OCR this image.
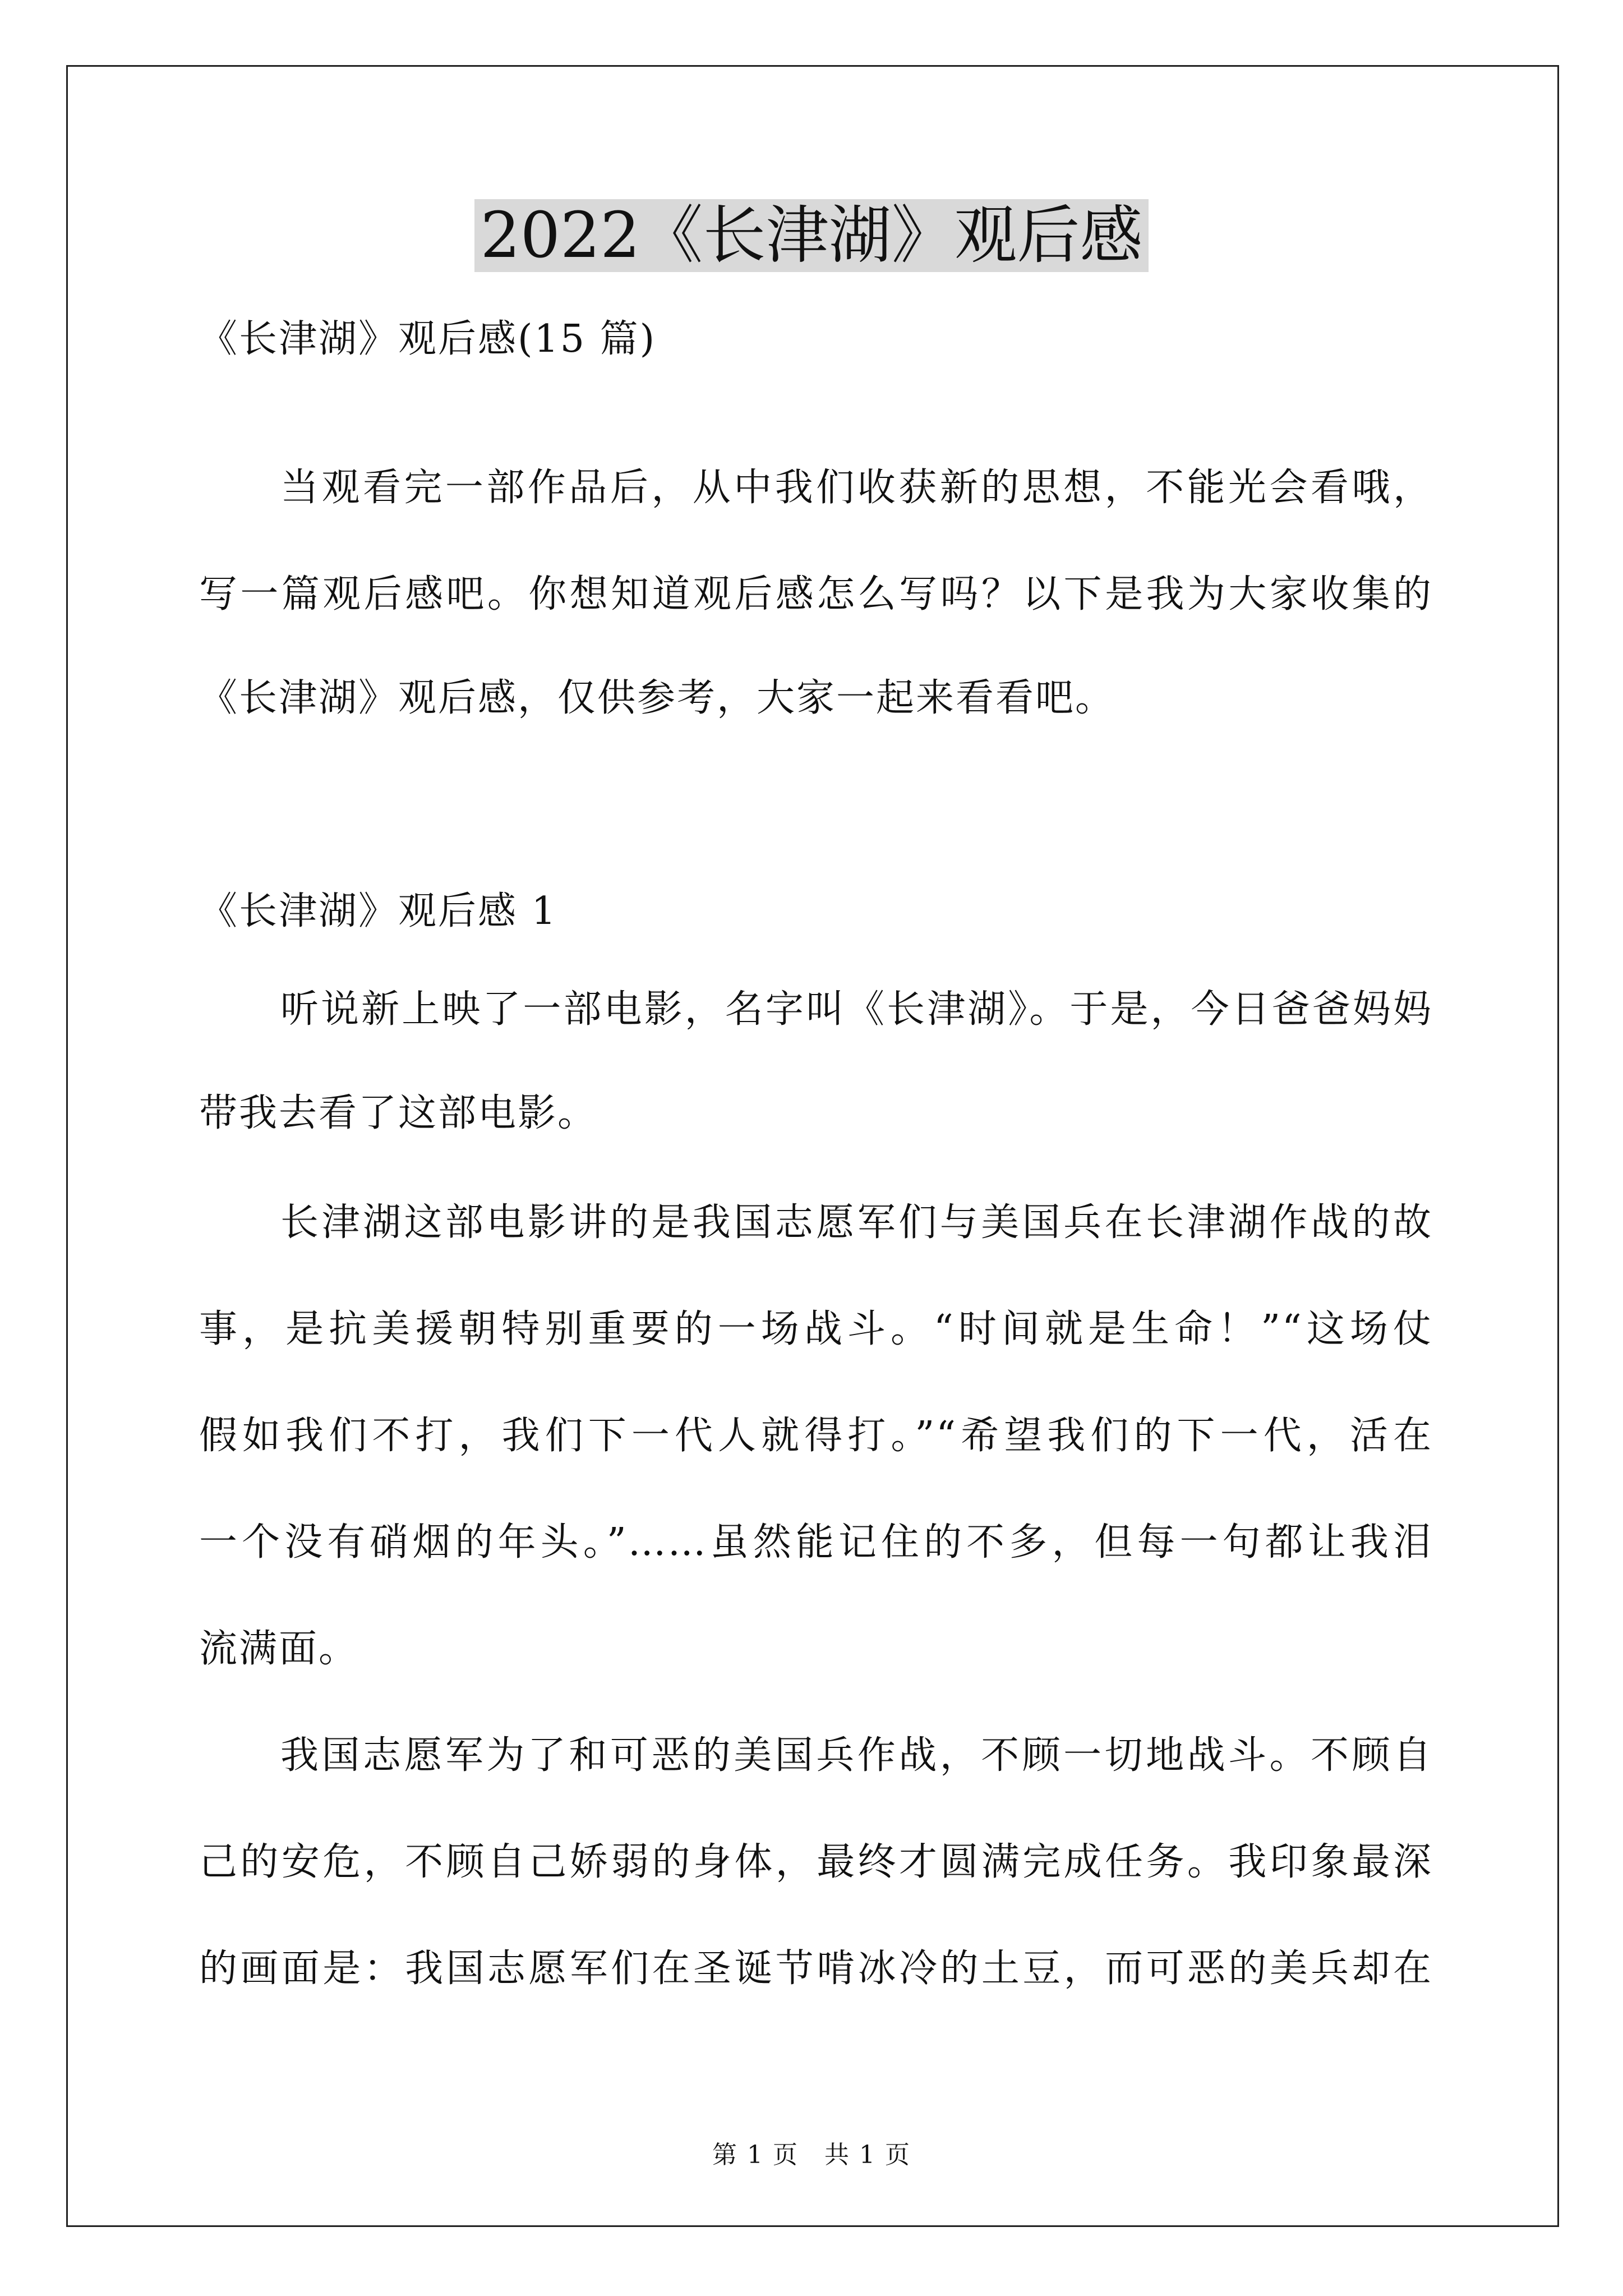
2022《长津湖》观后感
《长津湖》观后感(15 篇)
当观看完一部作品后，从中我们收获新的思想，不能光会看哦，
写一篇观后感吧。你想知道观后感怎么写吗？以下是我为大家收集的
《长津湖》观后感，仅供参考，大家一起来看看吧。
《长津湖》观后感 1
听说新上映了一部电影，名字叫《长津湖》。于是，今日爸爸妈妈
带我去看了这部电影。
长津湖这部电影讲的是我国志愿军们与美国兵在长津湖作战的故
事，是抗美援朝特别重要的一场战斗。“时间就是生命！”“这场仗
假如我们不打，我们下一代人就得打。”“希望我们的下一代，活在
一个没有硝烟的年头。”……虽然能记住的不多，但每一句都让我泪
流满面。
我国志愿军为了和可恶的美国兵作战，不顾一切地战斗。不顾自
己的安危，不顾自己娇弱的身体，最终才圆满完成任务。我印象最深
的画面是：我国志愿军们在圣诞节啃冰冷的土豆，而可恶的美兵却在
第 1 页　共 1 页
